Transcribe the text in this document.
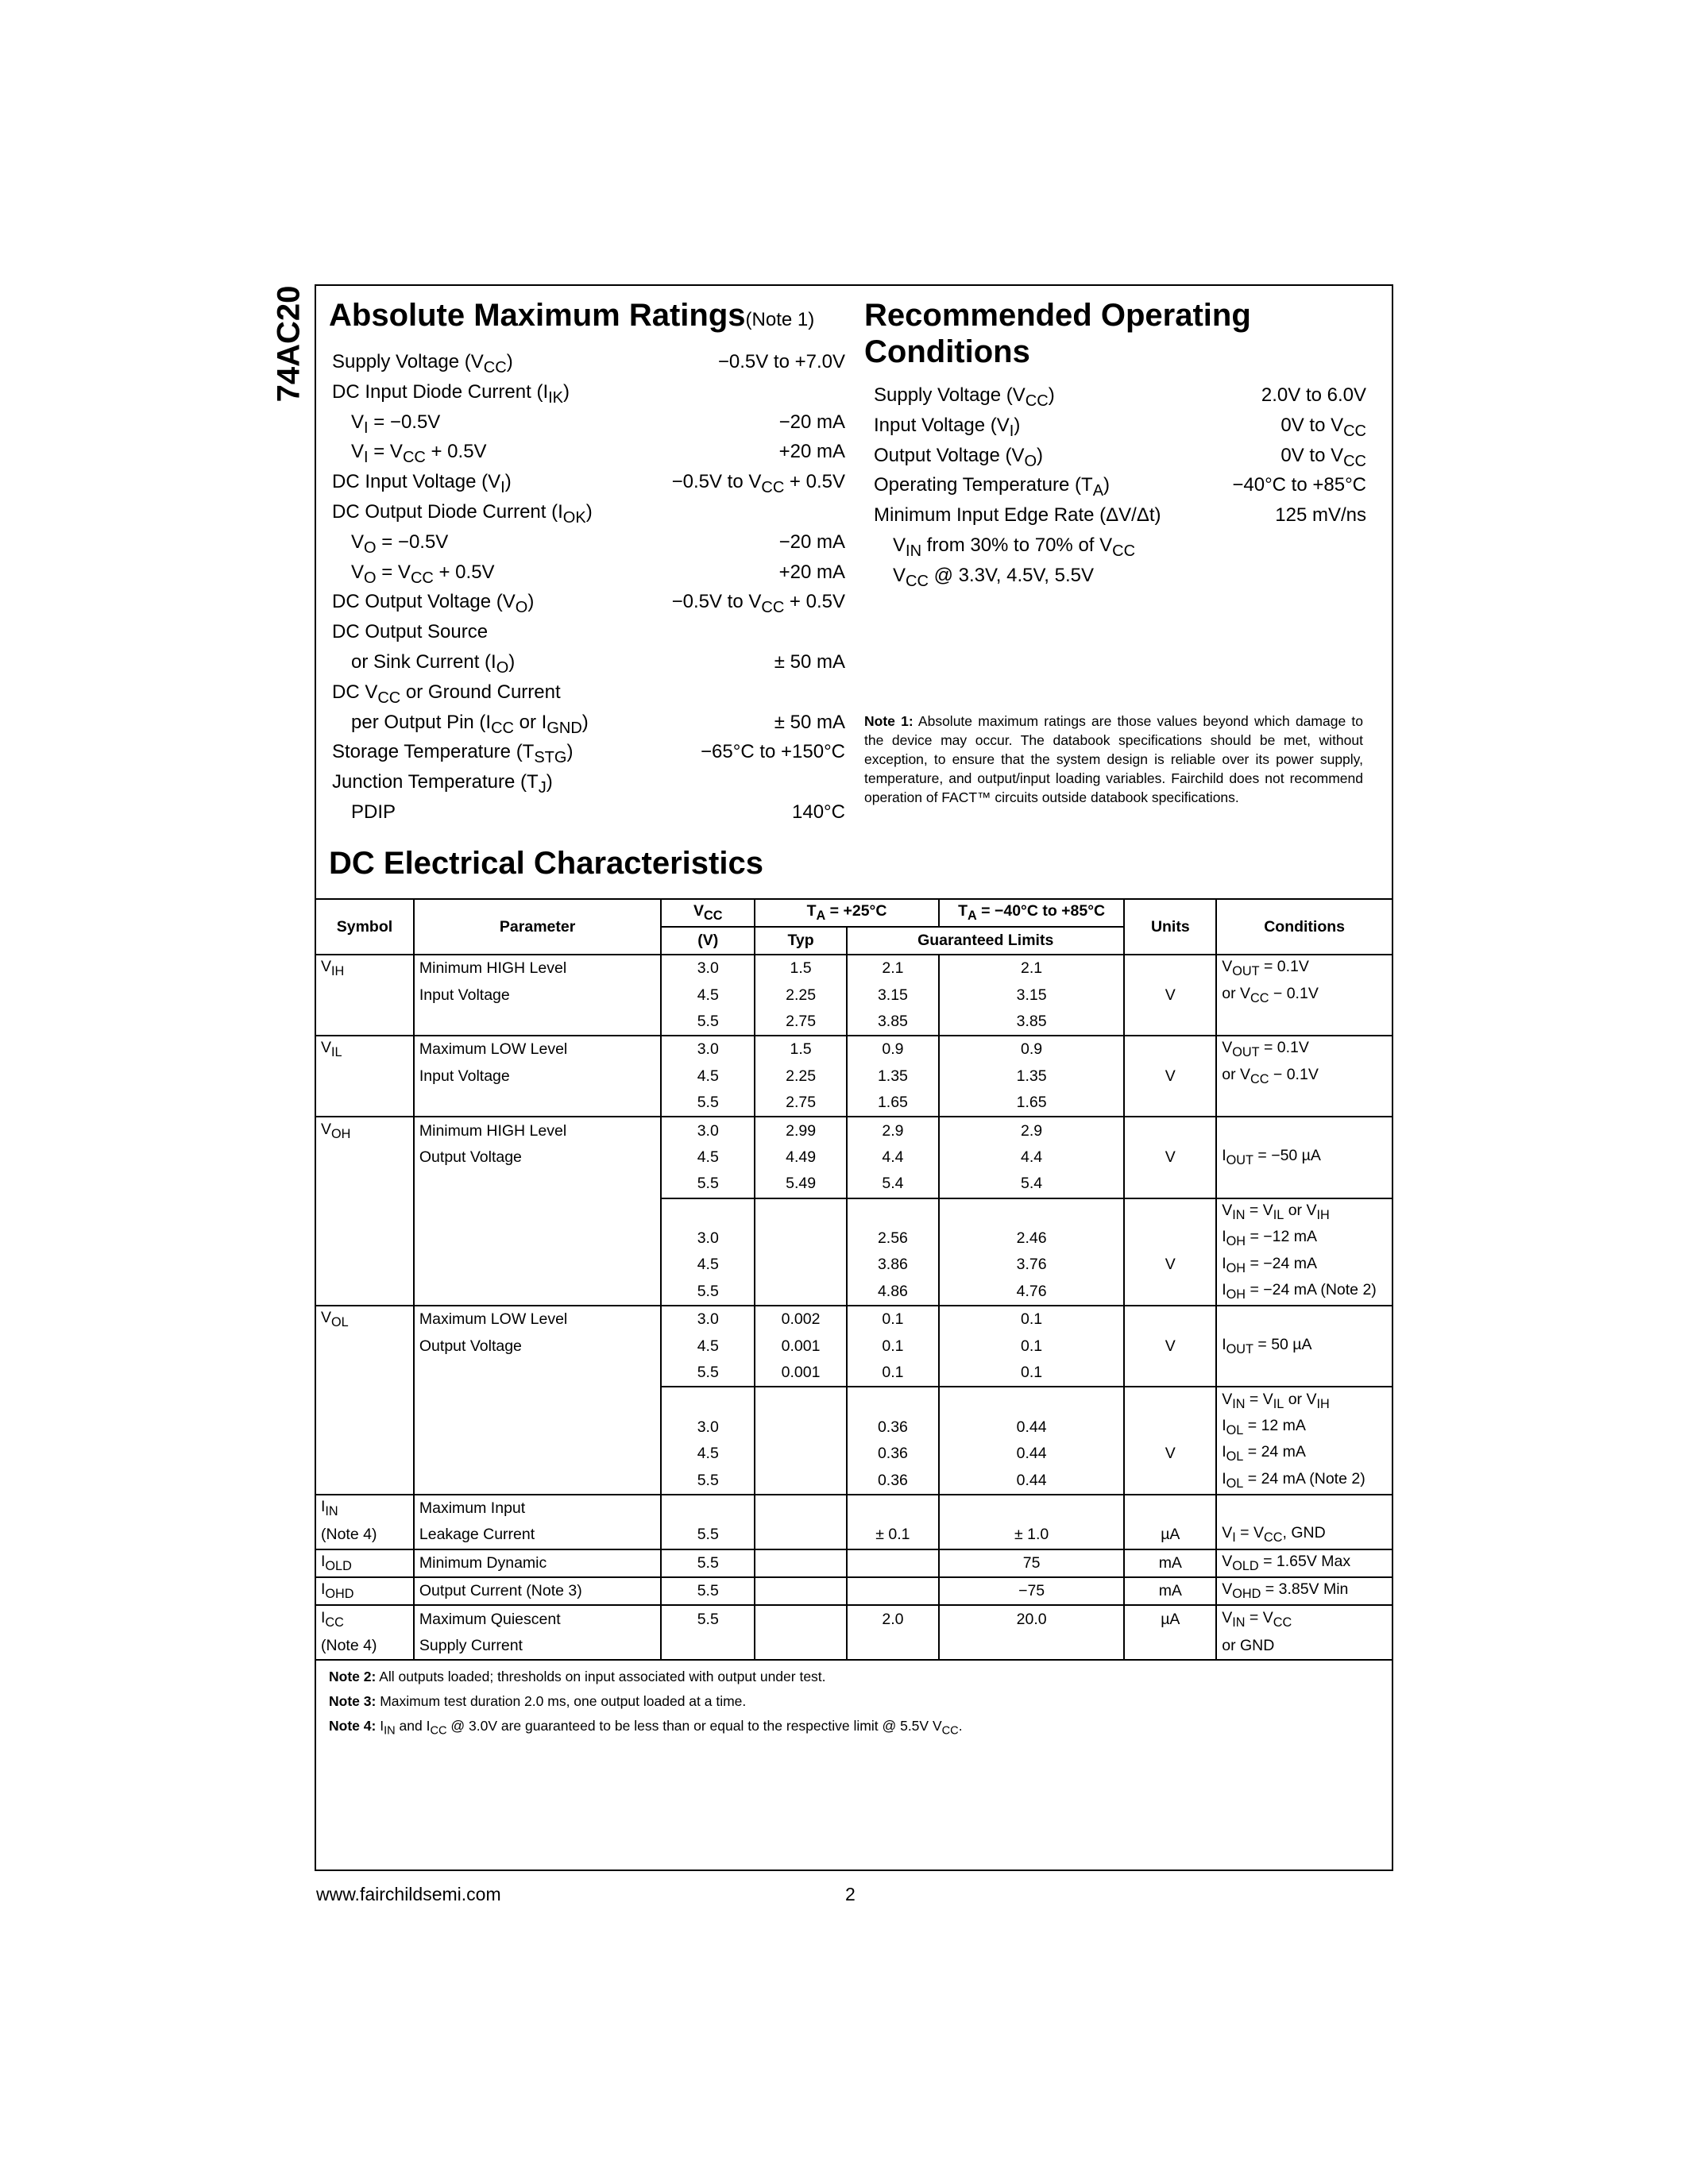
74AC20 Absolute Maximum Ratings(Note 1)
Supply Voltage $(V_{CC})$	−0.5V to +7.0V
DC Input Diode Current $(I_{IK})$
$V_I = -0.5V$	−20 mA
$V_I = V_{CC} + 0.5V$	+20 mA
DC Input Voltage $(V_I)$	−0.5V to $V_{CC} + 0.5V$
DC Output Diode Current $(I_{OK})$
$V_O = -0.5V$	−20 mA
$V_O = V_{CC} + 0.5V$	+20 mA
DC Output Voltage $(V_O)$	−0.5V to $V_{CC} + 0.5V$
DC Output Source
or Sink Current $(I_O)$	± 50 mA
DC $V_{CC}$ or Ground Current
per Output Pin ($I_{CC}$ or $I_{GND}$)	± 50 mA
Storage Temperature $(T_{STG})$	−65°C to +150°C
Junction Temperature $(T_J)$
PDIP	140°C
Recommended Operating
Conditions
Supply Voltage $(V_{CC})$	2.0V to 6.0V
Input Voltage $(V_I)$	0V to $V_{CC}$
Output Voltage $(V_O)$	0V to $V_{CC}$
Operating Temperature $(T_A)$	−40°C to +85°C
Minimum Input Edge Rate (ΔV/Δt)	125 mV/ns
$V_{IN}$ from 30% to 70% of $V_{CC}$
$V_{CC}$ @ 3.3V, 4.5V, 5.5V
Note 1: Absolute maximum ratings are those values beyond which damage to the device may occur. The databook specifications should be met, without exception, to ensure that the system design is reliable over its power supply, temperature, and output/input loading variables. Fairchild does not recommend operation of FACT™ circuits outside databook specifications.
DC Electrical Characteristics
Symbol	Parameter	$V_{CC}$	$T_A = +25^\circ C$		$T_A = -40^\circ C$ to +85°C	Units	Conditions
		(V)	Typ	Guaranteed Limits			
$V_{IH}$	Minimum HIGH Level	3.0	1.5	2.1	2.1		$V_{OUT} = 0.1V$
	Input Voltage	4.5	2.25	3.15	3.15	V	or $V_{CC} - 0.1V$
		5.5	2.75	3.85	3.85		
$V_{IL}$	Maximum LOW Level	3.0	1.5	0.9	0.9		$V_{OUT} = 0.1V$
	Input Voltage	4.5	2.25	1.35	1.35	V	or $V_{CC} - 0.1V$
		5.5	2.75	1.65	1.65		
$V_{OH}$	Minimum HIGH Level	3.0	2.99	2.9	2.9		
	Output Voltage	4.5	4.49	4.4	4.4	V	$I_{OUT} = -50$ µA
		5.5	5.49	5.4	5.4		
							$V_{IN} = V_{IL}$ or $V_{IH}$
		3.0		2.56	2.46		$I_{OH} = -12$ mA
		4.5		3.86	3.76	V	$I_{OH} = -24$ mA
		5.5		4.86	4.76		$I_{OH} = -24$ mA (Note 2)
$V_{OL}$	Maximum LOW Level	3.0	0.002	0.1	0.1		
	Output Voltage	4.5	0.001	0.1	0.1	V	$I_{OUT} = 50$ µA
		5.5	0.001	0.1	0.1		
							$V_{IN} = V_{IL}$ or $V_{IH}$
		3.0		0.36	0.44		$I_{OL} = 12$ mA
		4.5		0.36	0.44	V	$I_{OL} = 24$ mA
		5.5		0.36	0.44		$I_{OL} = 24$ mA (Note 2)
$I_{IN}$	Maximum Input						
(Note 4)	Leakage Current	5.5		± 0.1	± 1.0	µA	$V_I = V_{CC}$, GND
$I_{OLD}$	Minimum Dynamic	5.5			75	mA	$V_{OLD} = 1.65V$ Max
$I_{OHD}$	Output Current (Note 3)	5.5			−75	mA	$V_{OHD} = 3.85V$ Min
$I_{CC}$	Maximum Quiescent	5.5		2.0	20.0	µA	$V_{IN} = V_{CC}$
(Note 4)	Supply Current						or GND
Note 2: All outputs loaded; thresholds on input associated with output under test.
Note 3: Maximum test duration 2.0 ms, one output loaded at a time.
Note 4: $I_{IN}$ and $I_{CC}$ @ 3.0V are guaranteed to be less than or equal to the respective limit @ 5.5V $V_{CC}$.
www.fairchildsemi.com	2
